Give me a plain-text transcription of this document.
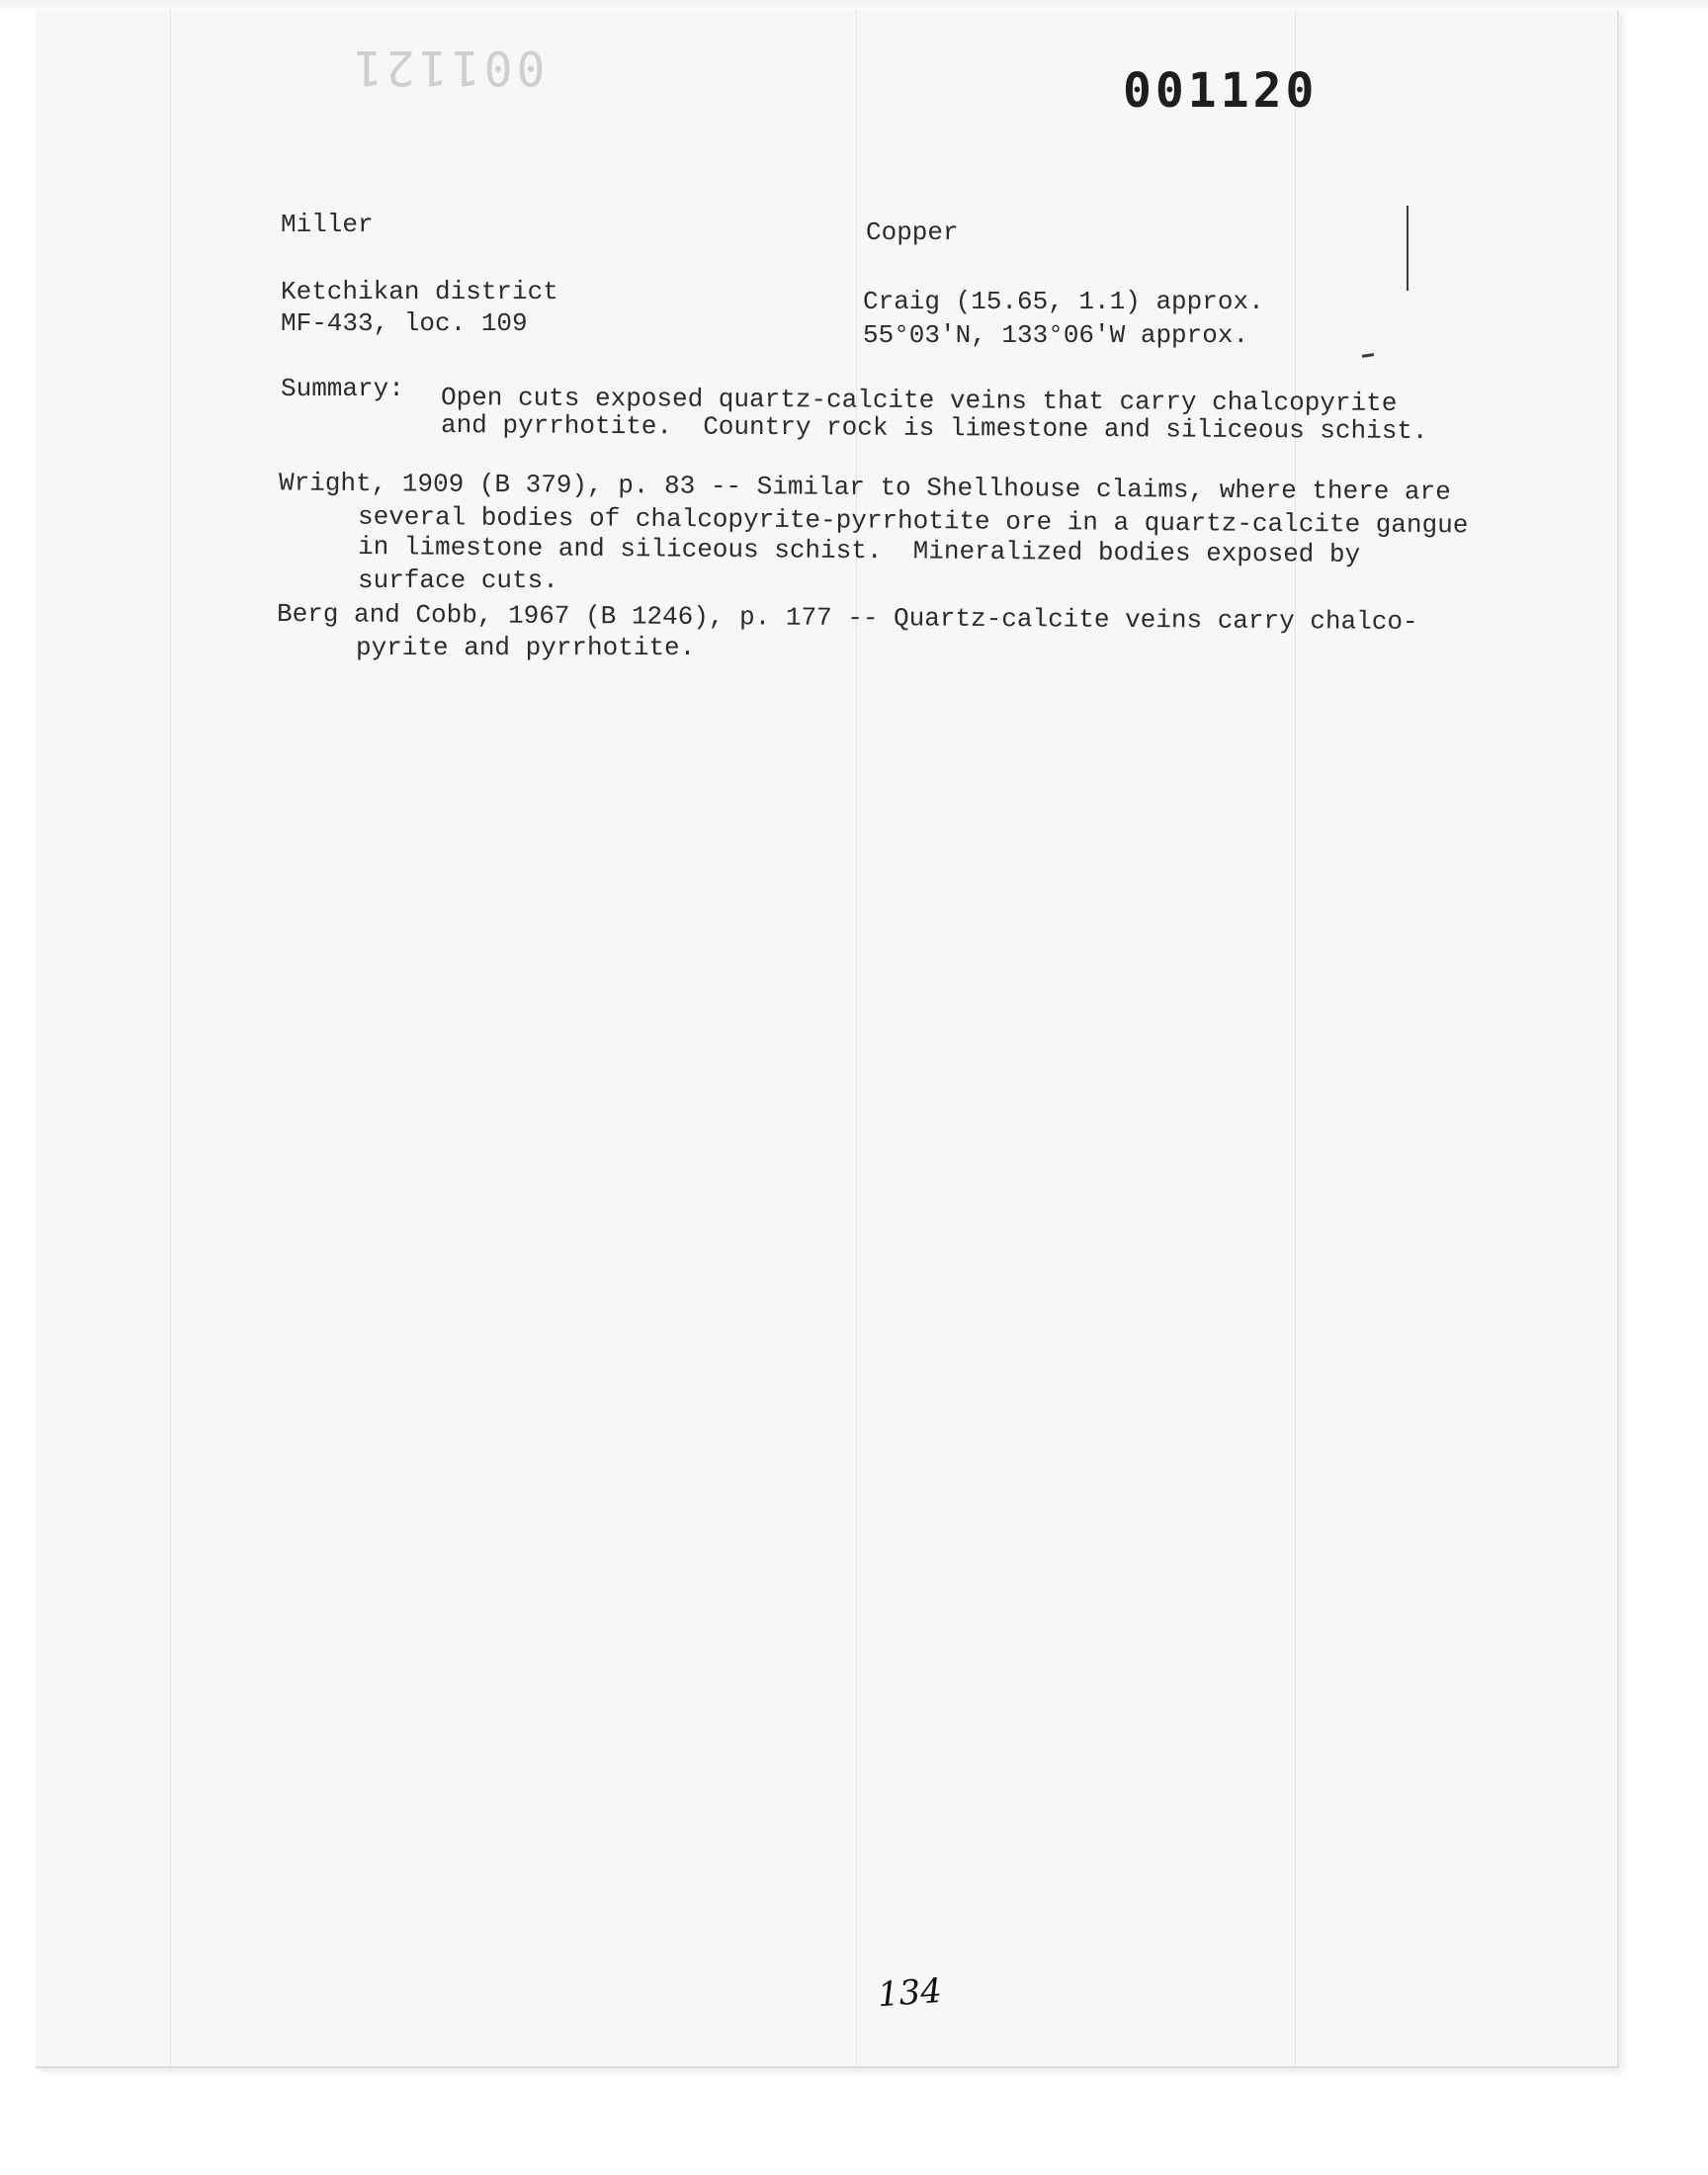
001121	001120
Miller	Copper
Ketchikan district
MF-433, loc. 109
Craig (15.65, 1.1) approx.
55°03'N, 133°06'W approx.
Summary: Open cuts exposed quartz-calcite veins that carry chalcopyrite
and pyrrhotite.  Country rock is limestone and siliceous schist.
Wright, 1909 (B 379), p. 83 -- Similar to Shellhouse claims, where there are
several bodies of chalcopyrite-pyrrhotite ore in a quartz-calcite gangue
in limestone and siliceous schist.  Mineralized bodies exposed by
surface cuts.
Berg and Cobb, 1967 (B 1246), p. 177 -- Quartz-calcite veins carry chalco-
pyrite and pyrrhotite.
134
